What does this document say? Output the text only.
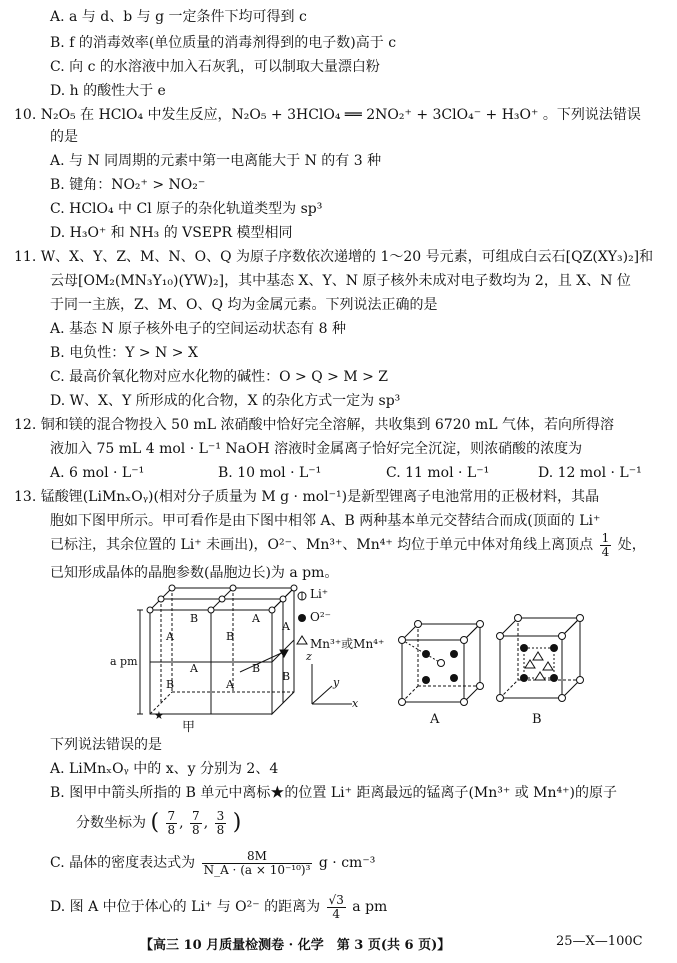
A. a 与 d、b 与 g 一定条件下均可得到 c
B. f 的消毒效率(单位质量的消毒剂得到的电子数)高于 c
C. 向 c 的水溶液中加入石灰乳，可以制取大量漂白粉
D. h 的酸性大于 e
10. N₂O₅ 在 HClO₄ 中发生反应，N₂O₅ + 3HClO₄ ══ 2NO₂⁺ + 3ClO₄⁻ + H₃O⁺ 。下列说法错误
的是
A. 与 N 同周期的元素中第一电离能大于 N 的有 3 种
B. 键角：NO₂⁺ > NO₂⁻
C. HClO₄ 中 Cl 原子的杂化轨道类型为 sp³
D. H₃O⁺ 和 NH₃ 的 VSEPR 模型相同
11. W、X、Y、Z、M、N、O、Q 为原子序数依次递增的 1～20 号元素，可组成白云石[QZ(XY₃)₂]和
云母[OM₂(MN₃Y₁₀)(YW)₂]，其中基态 X、Y、N 原子核外未成对电子数均为 2，且 X、N 位
于同一主族，Z、M、O、Q 均为金属元素。下列说法正确的是
A. 基态 N 原子核外电子的空间运动状态有 8 种
B. 电负性：Y > N > X
C. 最高价氧化物对应水化物的碱性：O > Q > M > Z
D. W、X、Y 所形成的化合物，X 的杂化方式一定为 sp³
12. 铜和镁的混合物投入 50 mL 浓硝酸中恰好完全溶解，共收集到 6720 mL 气体，若向所得溶
液加入 75 mL 4 mol · L⁻¹ NaOH 溶液时金属离子恰好完全沉淀，则浓硝酸的浓度为
A. 6 mol · L⁻¹	B. 10 mol · L⁻¹	C. 11 mol · L⁻¹	D. 12 mol · L⁻¹
13. 锰酸锂(LiMnₓOᵧ)(相对分子质量为 M g · mol⁻¹)是新型锂离子电池常用的正极材料，其晶
胞如下图甲所示。甲可看作是由下图中相邻 A、B 两种基本单元交替结合而成(顶面的 Li⁺
已标注，其余位置的 Li⁺ 未画出)，O²⁻、Mn³⁺、Mn⁴⁺ 均位于单元中体对角线上离顶点 $\frac{1}{4}$ 处，
已知形成晶体的晶胞参数(晶胞边长)为 a pm。
★
a pm
A
B
B
A
B
A
A
B
A
B
甲
Li⁺
O²⁻
Mn³⁺或Mn⁴⁺
z
x
y
A	B
下列说法错误的是
A. LiMnₓOᵧ 中的 x、y 分别为 2、4
B. 图甲中箭头所指的 B 单元中离标★的位置 Li⁺ 距离最远的锰离子(Mn³⁺ 或 Mn⁴⁺)的原子
分数坐标为 ( $\frac{7}{8}$ , $\frac{7}{8}$ , $\frac{3}{8}$ )
C. 晶体的密度表达式为 $\frac{8M}{\text{N\_A · (a × 10⁻¹⁰)³}}$ g · cm⁻³
D. 图 A 中位于体心的 Li⁺ 与 O²⁻ 的距离为 $\frac{√3}{4}$ a pm
【高三 10 月质量检测卷 · 化学　第 3 页(共 6 页)】	25—X—100C
